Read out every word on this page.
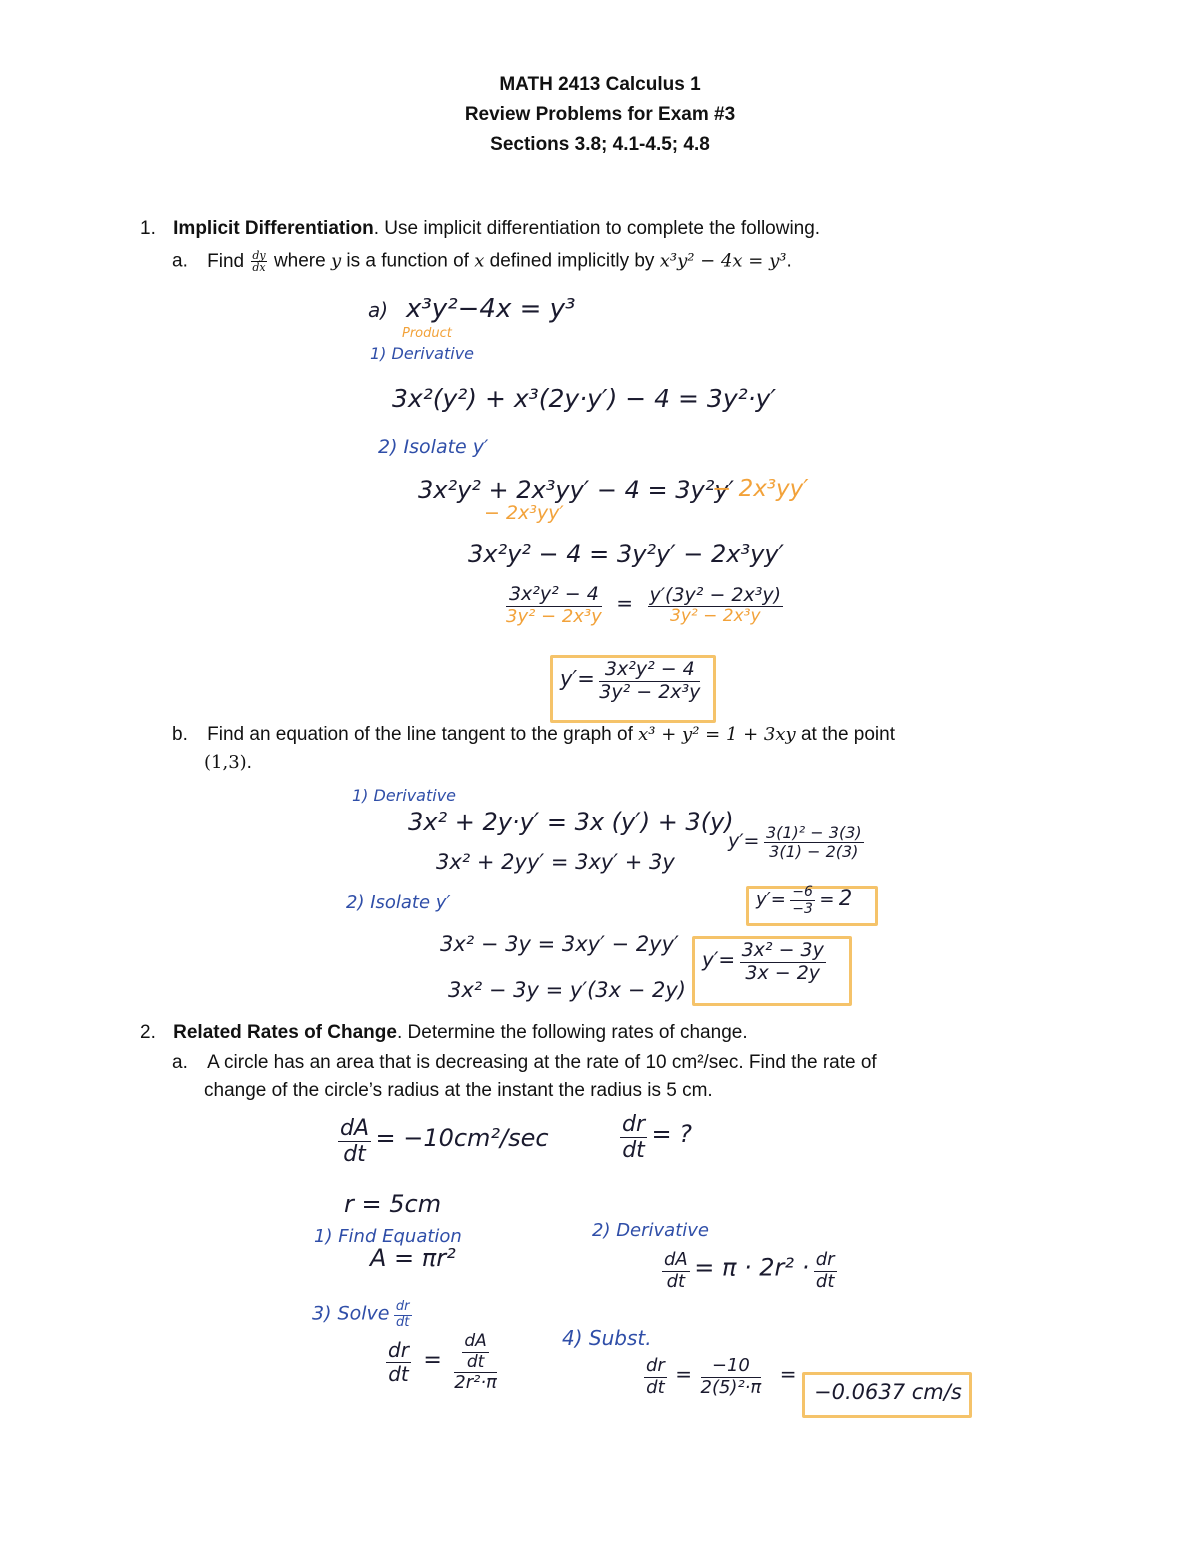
MATH 2413 Calculus 1
Review Problems for Exam #3
Sections 3.8; 4.1-4.5; 4.8
1. Implicit Differentiation. Use implicit differentiation to complete the following.
a. Find $\frac{dy}{dx}$ where y is a function of x defined implicitly by x³y² − 4x = y³.
a) x³y²−4x = y³
Product
1) Derivative
3x²(y²) + x³(2y·y′) − 4 = 3y²·y′
2) Isolate y′
3x²y² + 2x³yy′ − 4 = 3y²y′
− 2x³yy′
− 2x³yy′
3x²y² − 4 = 3y²y′ − 2x³yy′
$\frac{\text{3x²y² − 4}}{\text{3y² − 2x³y}} = \frac{\text{y′(3y² − 2x³y)}}{\text{3y² − 2x³y}}$
$y'= \frac{\text{3x²y² − 4}}{\text{3y² − 2x³y}}$
b. Find an equation of the line tangent to the graph of x³ + y² = 1 + 3xy at the point
(1,3).
1) Derivative
3x² + 2y·y′ = 3x (y′) + 3(y)
3x² + 2yy′ = 3xy′ + 3y
2) Isolate y′
3x² − 3y = 3xy′ − 2yy′
3x² − 3y = y′(3x − 2y)
$y'= \frac{\text{3(1)² − 3(3)}}{3(1) - 2(3)}$
$y'= \frac{-6}{-3} = 2$
$y'= \frac{\text{3x² − 3y}}{3x - 2y}$
2. Related Rates of Change. Determine the following rates of change.
a. A circle has an area that is decreasing at the rate of 10 cm²/sec. Find the rate of
change of the circle’s radius at the instant the radius is 5 cm.
$\frac{dA}{dt} = -10cm^2/\sec$	$\frac{dr}{dt}$ = ?
r = 5cm
1) Find Equation
A = πr²
2) Derivative
$\frac{dA}{dt} = \pi \cdot 2r^2 \cdot \frac{dr}{dt}$
3) Solve $\frac{dr}{dt}$
$\frac{dr}{dt} = \frac{\frac{dA}{dt}}{\text{2r²·π}}$	4) Subst.
$\frac{dr}{dt} = \frac{-10}{\text{2(5)²·π}}$ =
−0.0637 cm/s
